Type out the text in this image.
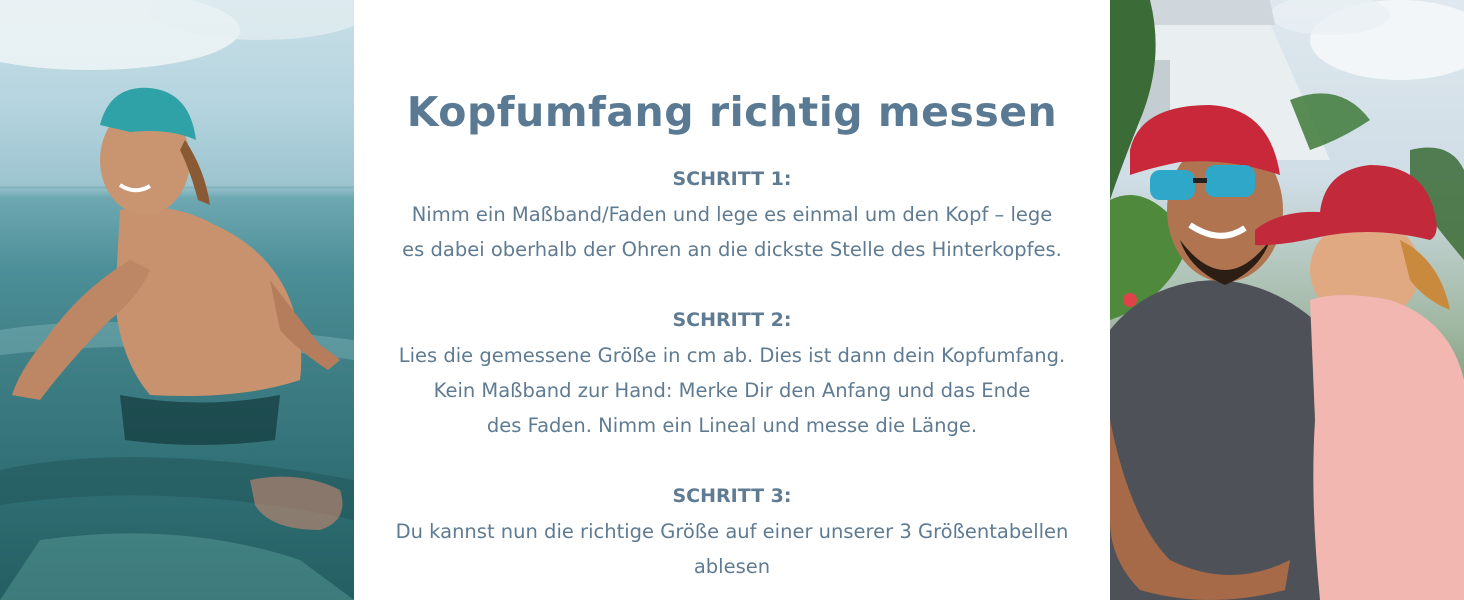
Kopfumfang richtig messen
SCHRITT 1:
Nimm ein Maßband/Faden und lege es einmal um den Kopf – lege
es dabei oberhalb der Ohren an die dickste Stelle des Hinterkopfes.
SCHRITT 2:
Lies die gemessene Größe in cm ab. Dies ist dann dein Kopfumfang.
Kein Maßband zur Hand: Merke Dir den Anfang und das Ende
des Faden. Nimm ein Lineal und messe die Länge.
SCHRITT 3:
Du kannst nun die richtige Größe auf einer unserer 3 Größentabellen
ablesen
